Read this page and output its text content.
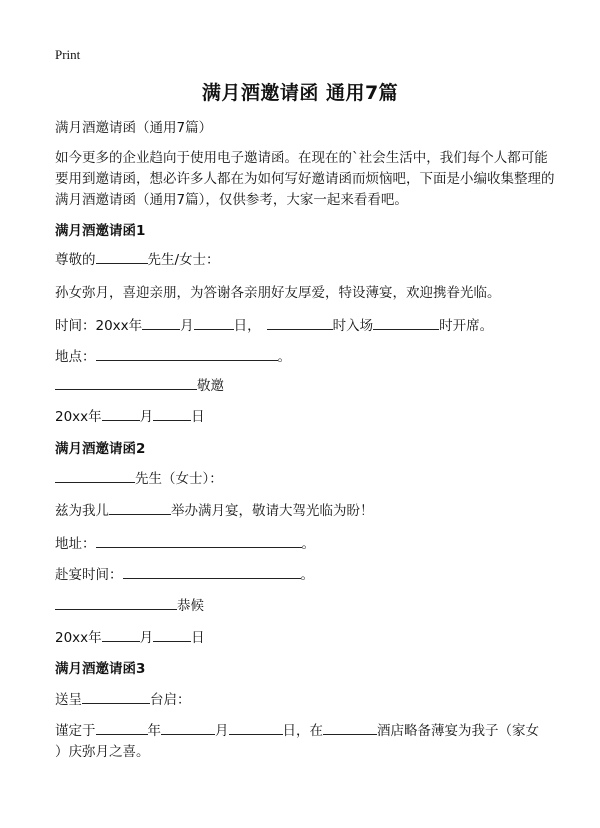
Print
满月酒邀请函 通用7篇
满月酒邀请函（通用7篇）
如今更多的企业趋向于使用电子邀请函。在现在的`社会生活中，我们每个人都可能要用到邀请函，想必许多人都在为如何写好邀请函而烦恼吧，下面是小编收集整理的满月酒邀请函（通用7篇），仅供参考，大家一起来看看吧。
满月酒邀请函1
尊敬的	先生/女士：
孙女弥月，喜迎亲朋，为答谢各亲朋好友厚爱，特设薄宴，欢迎携眷光临。
时间：20xx年	月	日，	时入场	时开席。
地点：	。
敬邀
20xx年	月	日
满月酒邀请函2
先生（女士）：
兹为我儿	举办满月宴，敬请大驾光临为盼！
地址：	。
赴宴时间：	。
恭候
20xx年	月	日
满月酒邀请函3
送呈	台启：
谨定于	年	月	日，在	酒店略备薄宴为我子（家女
）庆弥月之喜。
